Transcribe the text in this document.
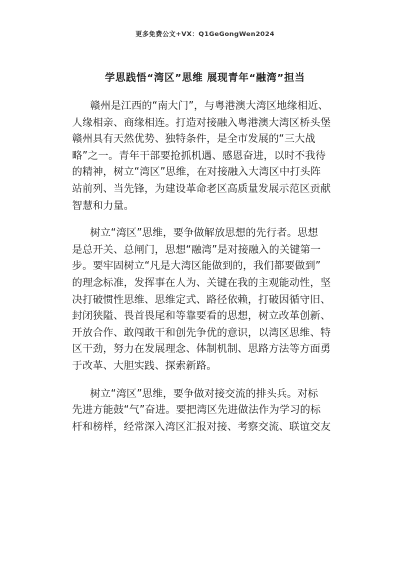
更多免费公文+VX：Q1GeGongWen2024
学思践悟“湾区”思维 展现青年“融湾”担当
赣州是江西的“南大门”，与粤港澳大湾区地缘相近、
人缘相亲、商缘相连。打造对接融入粤港澳大湾区桥头堡
赣州具有天然优势、独特条件，是全市发展的“三大战
略”之一。青年干部要抢抓机遇、感恩奋进，以时不我待
的精神，树立“湾区”思维，在对接融入大湾区中打头阵
站前列、当先锋，为建设革命老区高质量发展示范区贡献
智慧和力量。
树立“湾区”思维，要争做解放思想的先行者。思想
是总开关、总闸门，思想“融湾”是对接融入的关键第一
步。要牢固树立“凡是大湾区能做到的，我们都要做到”
的理念标准，发挥事在人为、关键在我的主观能动性，坚
决打破惯性思维、思维定式、路径依赖，打破因循守旧、
封闭狭隘、畏首畏尾和等靠要看的思想，树立改革创新、
开放合作、敢闯敢干和创先争优的意识，以湾区思维、特
区干劲，努力在发展理念、体制机制、思路方法等方面勇
于改革、大胆实践、探索新路。
树立“湾区”思维，要争做对接交流的排头兵。对标
先进方能鼓“气”奋进。要把湾区先进做法作为学习的标
杆和榜样，经常深入湾区汇报对接、考察交流、联谊交友
